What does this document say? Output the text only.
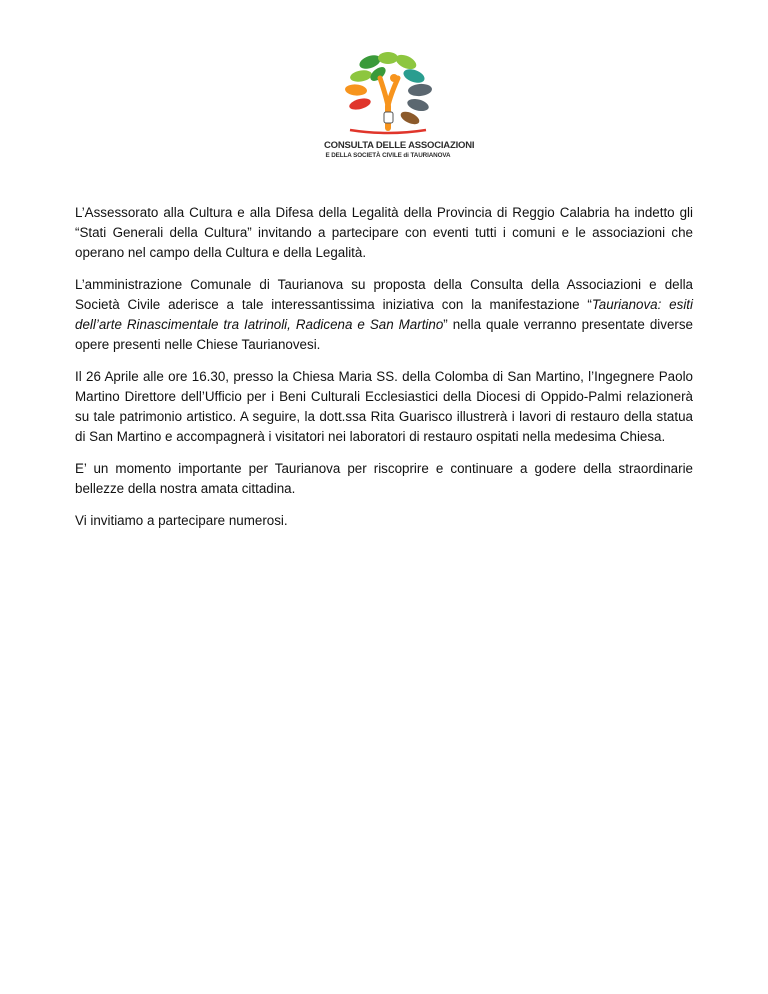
CONSULTA DELLE ASSOCIAZIONI
E DELLA SOCIETÀ CIVILE di TAURIANOVA

L’Assessorato alla Cultura e alla Difesa della Legalità della Provincia di Reggio Calabria ha indetto gli “Stati Generali della Cultura” invitando a partecipare con eventi tutti i comuni e le associazioni che operano nel campo della Cultura e della Legalità.

L’amministrazione Comunale di Taurianova su proposta della Consulta della Associazioni e della Società Civile aderisce a tale interessantissima iniziativa con la manifestazione “Taurianova: esiti dell’arte Rinascimentale tra Iatrinoli, Radicena e San Martino” nella quale verranno presentate diverse opere presenti nelle Chiese Taurianovesi.

Il 26 Aprile alle ore 16.30, presso la Chiesa Maria SS. della Colomba di San Martino, l’Ingegnere Paolo Martino Direttore dell’Ufficio per i Beni Culturali Ecclesiastici della Diocesi di Oppido-Palmi relazionerà su tale patrimonio artistico. A seguire, la dott.ssa Rita Guarisco illustrerà i lavori di restauro della statua di San Martino e accompagnerà i visitatori nei laboratori di restauro ospitati nella medesima Chiesa.

E’ un momento importante per Taurianova per riscoprire e continuare a godere della straordinarie bellezze della nostra amata cittadina.

Vi invitiamo a partecipare numerosi.
